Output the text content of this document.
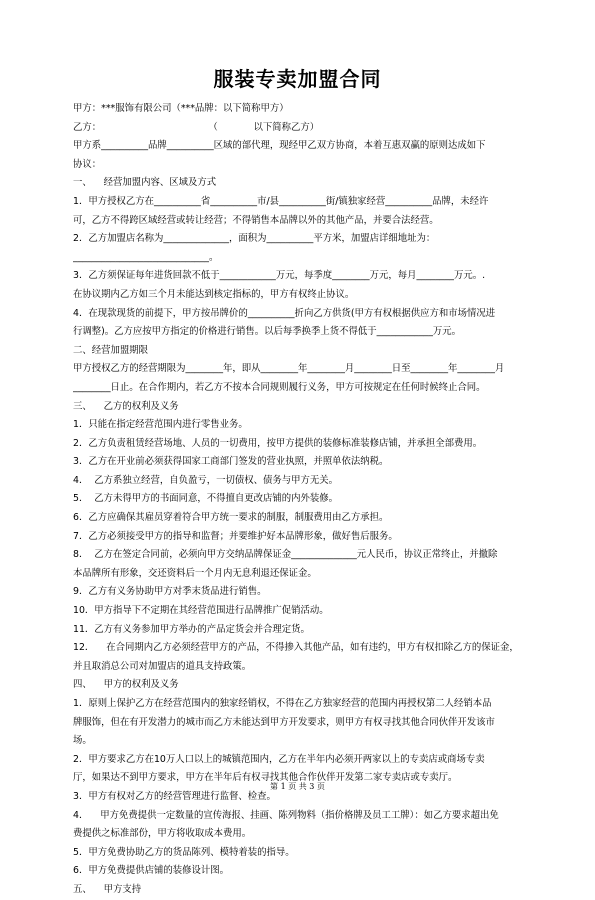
服装专卖加盟合同

甲方：***服饰有限公司（***品牌：以下简称甲方）

乙方：                                    （            以下简称乙方）

甲方系__________品牌__________区域的部代理，现经甲乙双方协商，本着互惠双赢的原则达成如下

协议：

一、    经营加盟内容、区域及方式

1．甲方授权乙方在__________省__________市/县__________街/镇独家经营__________品牌，未经许

可，乙方不得跨区域经营或转让经营；不得销售本品牌以外的其他产品，并要合法经营。

2．乙方加盟店名称为______________，面积为__________平方米，加盟店详细地址为：

_____________________________。

3．乙方须保证每年进货回款不低于____________万元，每季度________万元，每月________万元。.

在协议期内乙方如三个月未能达到核定指标的，甲方有权终止协议。

4．在现款现货的前提下，甲方按吊牌价的__________折向乙方供货(甲方有权根据供应方和市场情况进

行调整)。乙方应按甲方指定的价格进行销售。以后每季换季上货不得低于____________万元。

二、经营加盟期限

甲方授权乙方的经营期限为________年，即从________年________月________日至________年________月

________日止。在合作期内，若乙方不按本合同规则履行义务，甲方可按规定在任何时候终止合同。

三、    乙方的权利及义务

1．只能在指定经营范围内进行零售业务。

2．乙方负责租赁经营场地、人员的一切费用，按甲方提供的装修标准装修店铺，并承担全部费用。

3．乙方在开业前必须获得国家工商部门签发的营业执照，并照单依法纳税。

4．  乙方系独立经营，自负盈亏，一切债权、债务与甲方无关。

5．  乙方未得甲方的书面同意，不得擅自更改店铺的内外装修。

6．乙方应确保其雇员穿着符合甲方统一要求的制服，制服费用由乙方承担。

7．乙方必须接受甲方的指导和监督；并要维护好本品牌形象，做好售后服务。

8．  乙方在签定合同前，必须向甲方交纳品牌保证金______________元人民币，协议正常终止，并撤除

本品牌所有形象，交还资料后一个月内无息利退还保证金。

9．乙方有义务协助甲方对季末货品进行销售。

10．甲方指导下不定期在其经营范围进行品牌推广促销活动。

11．乙方有义务参加甲方举办的产品定货会并合理定货。

12．    在合同期内乙方必须经营甲方的产品，不得掺入其他产品，如有违约，甲方有权扣除乙方的保证金，

并且取消总公司对加盟店的道具支持政策。

四、    甲方的权利及义务

1．原则上保护乙方在经营范围内的独家经销权，不得在乙方独家经营的范围内再授权第二人经销本品

牌服饰，但在有开发潜力的城市而乙方未能达到甲方开发要求，则甲方有权寻找其他合同伙伴开发该市

场。

2．甲方要求乙方在10万人口以上的城镇范围内，乙方在半年内必须开两家以上的专卖店或商场专卖

厅，如果达不到甲方要求，甲方在半年后有权寻找其他合作伙伴开发第二家专卖店或专卖厅。

3．甲方有权对乙方的经营管理进行监督、检查。

4．    甲方免费提供一定数量的宣传海报、挂画、陈列物料（指价格牌及员工工牌）：如乙方要求超出免

费提供之标准部份，甲方将收取成本费用。

5．甲方免费协助乙方的货品陈列、模特着装的指导。

6．甲方免费提供店铺的装修设计图。

五、    甲方支持

第 1 页 共 3 页
